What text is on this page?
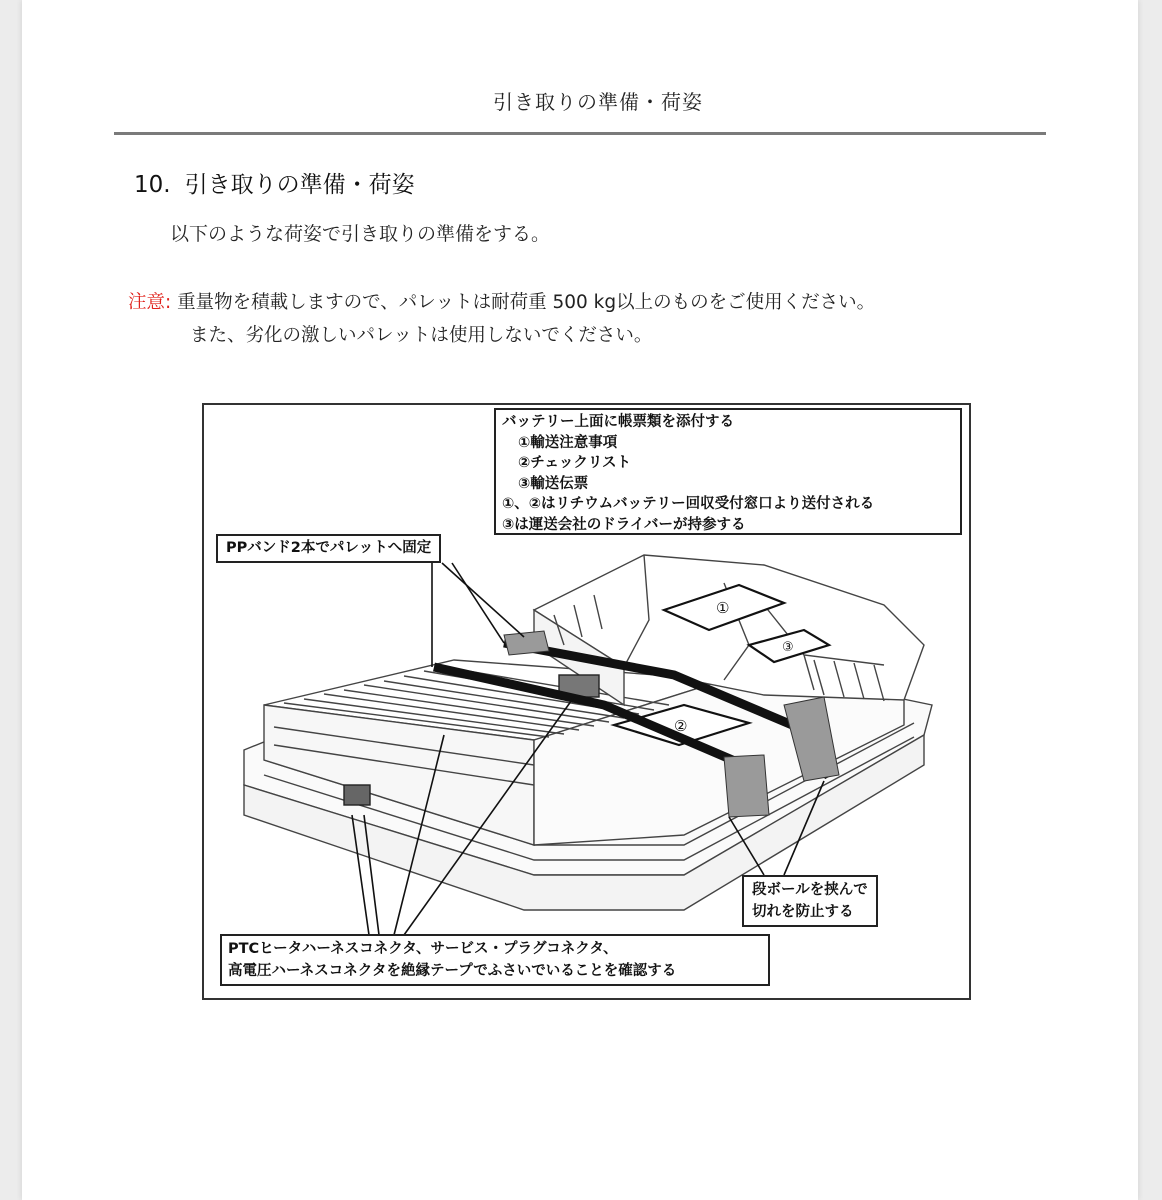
引き取りの準備・荷姿
10. 引き取りの準備・荷姿
以下のような荷姿で引き取りの準備をする。
注意: 重量物を積載しますので、パレットは耐荷重 500 kg以上のものをご使用ください。
また、劣化の激しいパレットは使用しないでください。
①
③
②
バッテリー上面に帳票類を添付する

①輸送注意事項
②チェックリスト
③輸送伝票
①、②はリチウムバッテリー回収受付窓口より送付される
③は運送会社のドライバーが持参する
PPバンド2本でパレットへ固定
段ボールを挟んで
切れを防止する
PTCヒータハーネスコネクタ、サービス・プラグコネクタ、
高電圧ハーネスコネクタを絶縁テープでふさいでいることを確認する
